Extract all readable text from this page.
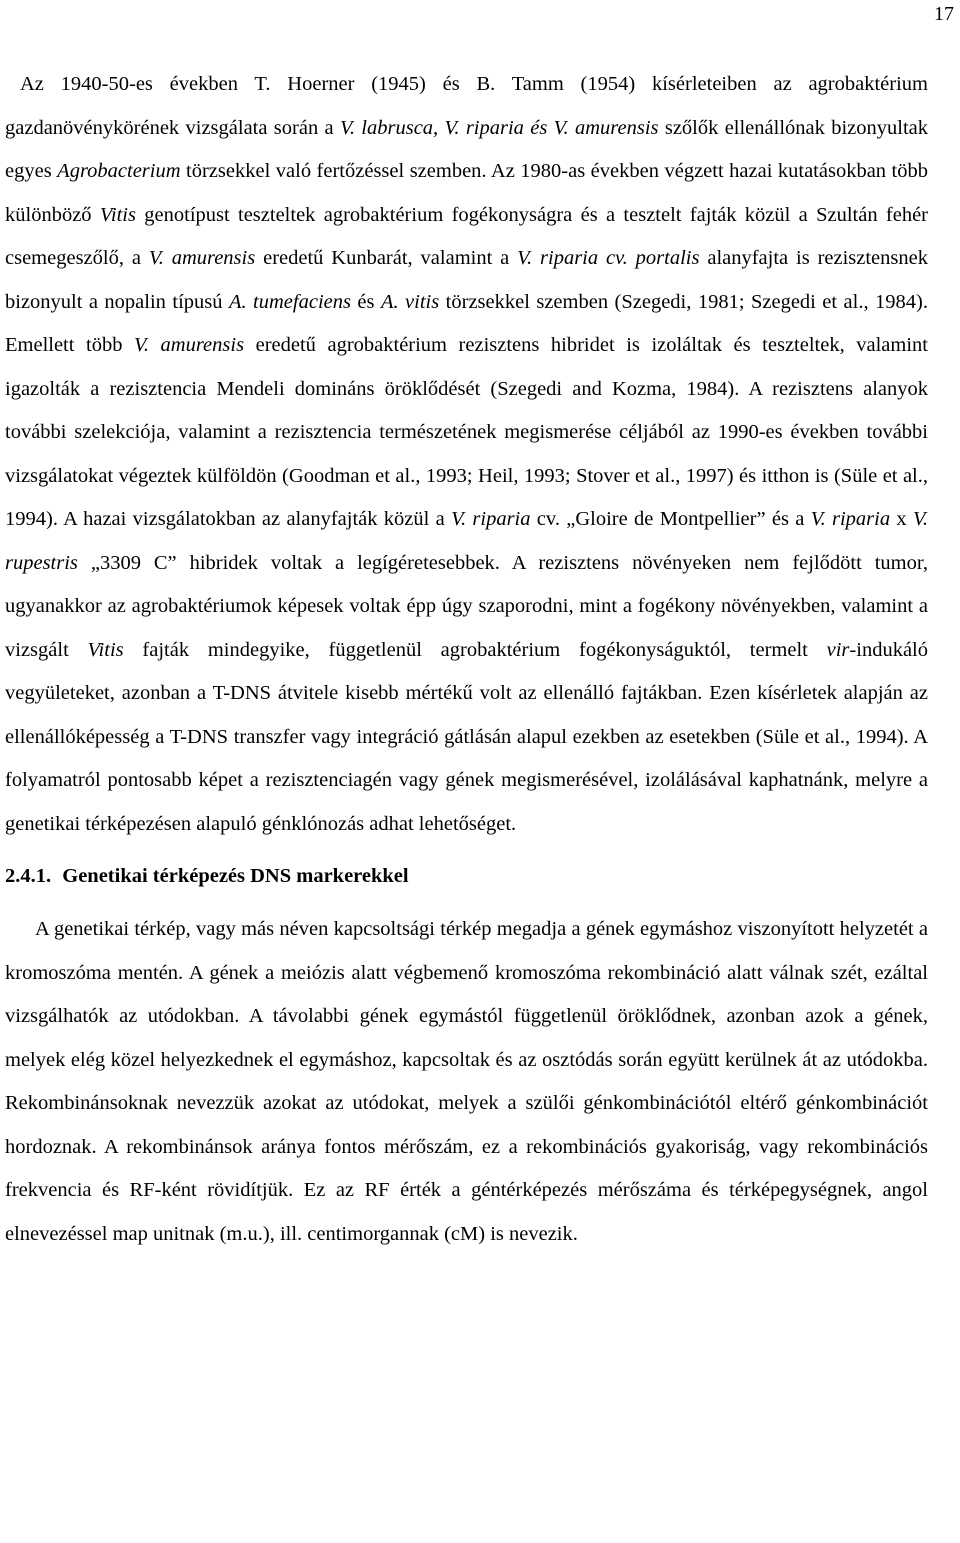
17

Az 1940-50-es években T. Hoerner (1945) és B. Tamm (1954) kísérleteiben az agrobaktérium gazdanövénykörének vizsgálata során a V. labrusca, V. riparia és V. amurensis szőlők ellenállónak bizonyultak egyes Agrobacterium törzsekkel való fertőzéssel szemben. Az 1980-as években végzett hazai kutatásokban több különböző Vitis genotípust teszteltek agrobaktérium fogékonyságra és a tesztelt fajták közül a Szultán fehér csemegeszőlő, a V. amurensis eredetű Kunbarát, valamint a V. riparia cv. portalis alanyfajta is rezisztensnek bizonyult a nopalin típusú A. tumefaciens és A. vitis törzsekkel szemben (Szegedi, 1981; Szegedi et al., 1984). Emellett több V. amurensis eredetű agrobaktérium rezisztens hibridet is izoláltak és teszteltek, valamint igazolták a rezisztencia Mendeli domináns öröklődését (Szegedi and Kozma, 1984). A rezisztens alanyok további szelekciója, valamint a rezisztencia természetének megismerése céljából az 1990-es években további vizsgálatokat végeztek külföldön (Goodman et al., 1993; Heil, 1993; Stover et al., 1997) és itthon is (Süle et al., 1994). A hazai vizsgálatokban az alanyfajták közül a V. riparia cv. „Gloire de Montpellier” és a V. riparia x V. rupestris „3309 C” hibridek voltak a legígéretesebbek. A rezisztens növényeken nem fejlődött tumor, ugyanakkor az agrobaktériumok képesek voltak épp úgy szaporodni, mint a fogékony növényekben, valamint a vizsgált Vitis fajták mindegyike, függetlenül agrobaktérium fogékonyságuktól, termelt vir-indukáló vegyületeket, azonban a T-DNS átvitele kisebb mértékű volt az ellenálló fajtákban. Ezen kísérletek alapján az ellenállóképesség a T-DNS transzfer vagy integráció gátlásán alapul ezekben az esetekben (Süle et al., 1994). A folyamatról pontosabb képet a rezisztenciagén vagy gének megismerésével, izolálásával kaphatnánk, melyre a genetikai térképezésen alapuló génklónozás adhat lehetőséget.

2.4.1. Genetikai térképezés DNS markerekkel

A genetikai térkép, vagy más néven kapcsoltsági térkép megadja a gének egymáshoz viszonyított helyzetét a kromoszóma mentén. A gének a meiózis alatt végbemenő kromoszóma rekombináció alatt válnak szét, ezáltal vizsgálhatók az utódokban. A távolabbi gének egymástól függetlenül öröklődnek, azonban azok a gének, melyek elég közel helyezkednek el egymáshoz, kapcsoltak és az osztódás során együtt kerülnek át az utódokba. Rekombinánsoknak nevezzük azokat az utódokat, melyek a szülői génkombinációtól eltérő génkombinációt hordoznak. A rekombinánsok aránya fontos mérőszám, ez a rekombinációs gyakoriság, vagy rekombinációs frekvencia és RF-ként rövidítjük. Ez az RF érték a géntérképezés mérőszáma és térképegységnek, angol elnevezéssel map unitnak (m.u.), ill. centimorgannak (cM) is nevezik.
